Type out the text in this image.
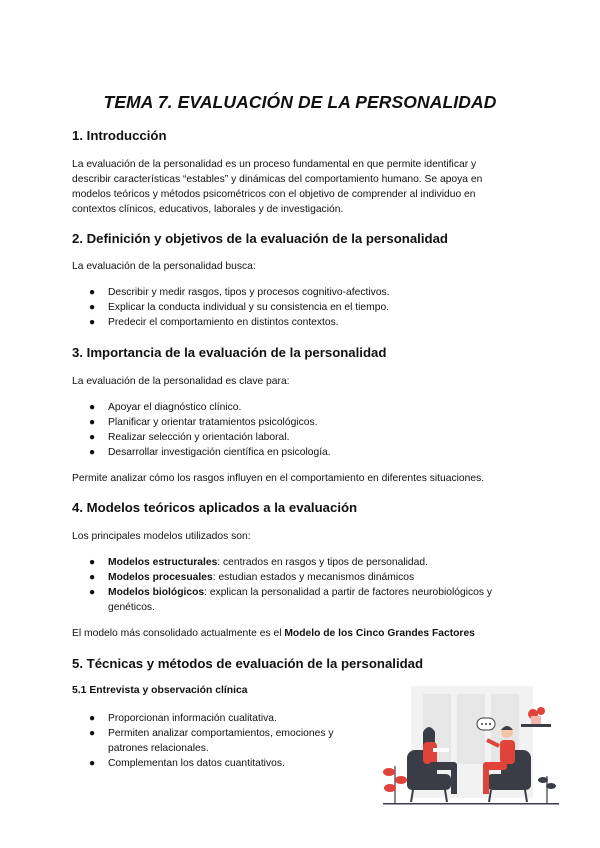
TEMA 7. EVALUACIÓN DE LA PERSONALIDAD
1. Introducción

La evaluación de la personalidad es un proceso fundamental en que permite identificar y
describir características “estables” y dinámicas del comportamiento humano. Se apoya en
modelos teóricos y métodos psicométricos con el objetivo de comprender al individuo en
contextos clínicos, educativos, laborales y de investigación.

2. Definición y objetivos de la evaluación de la personalidad

La evaluación de la personalidad busca:

● Describir y medir rasgos, tipos y procesos cognitivo-afectivos.
● Explicar la conducta individual y su consistencia en el tiempo.
● Predecir el comportamiento en distintos contextos.
3. Importancia de la evaluación de la personalidad

La evaluación de la personalidad es clave para:

● Apoyar el diagnóstico clínico.
● Planificar y orientar tratamientos psicológicos.
● Realizar selección y orientación laboral.
● Desarrollar investigación científica en psicología.

Permite analizar cómo los rasgos influyen en el comportamiento en diferentes situaciones.

4. Modelos teóricos aplicados a la evaluación

Los principales modelos utilizados son:

● Modelos estructurales: centrados en rasgos y tipos de personalidad.
● Modelos procesuales: estudian estados y mecanismos dinámicos
● Modelos biológicos: explican la personalidad a partir de factores neurobiológicos y
genéticos.

El modelo más consolidado actualmente es el Modelo de los Cinco Grandes Factores

5. Técnicas y métodos de evaluación de la personalidad
5.1 Entrevista y observación clínica
● Proporcionan información cualitativa.
● Permiten analizar comportamientos, emociones y
patrones relacionales.
● Complementan los datos cuantitativos.
